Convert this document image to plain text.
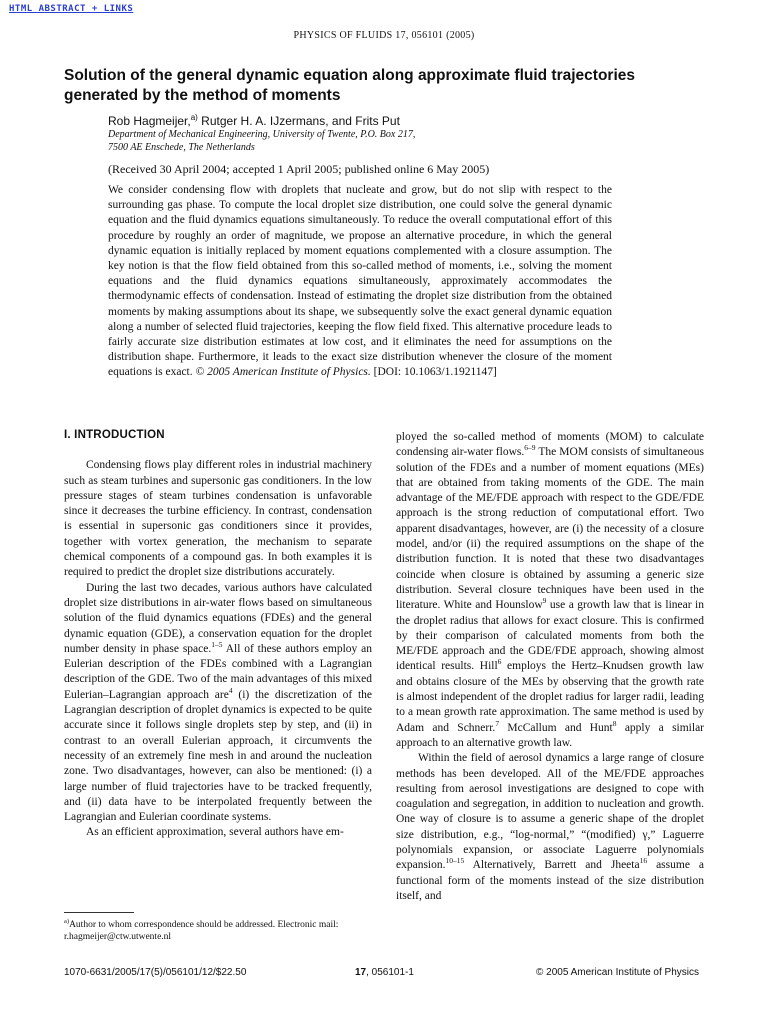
HTML ABSTRACT + LINKS
PHYSICS OF FLUIDS 17, 056101 (2005)
Solution of the general dynamic equation along approximate fluid trajectories generated by the method of moments
Rob Hagmeijer,$^{a)}$ Rutger H. A. IJzermans, and Frits Put
Department of Mechanical Engineering, University of Twente, P.O. Box 217,
7500 AE Enschede, The Netherlands
(Received 30 April 2004; accepted 1 April 2005; published online 6 May 2005)
We consider condensing flow with droplets that nucleate and grow, but do not slip with respect to the surrounding gas phase. To compute the local droplet size distribution, one could solve the general dynamic equation and the fluid dynamics equations simultaneously. To reduce the overall computational effort of this procedure by roughly an order of magnitude, we propose an alternative procedure, in which the general dynamic equation is initially replaced by moment equations complemented with a closure assumption. The key notion is that the flow field obtained from this so-called method of moments, i.e., solving the moment equations and the fluid dynamics equations simultaneously, approximately accommodates the thermodynamic effects of condensation. Instead of estimating the droplet size distribution from the obtained moments by making assumptions about its shape, we subsequently solve the exact general dynamic equation along a number of selected fluid trajectories, keeping the flow field fixed. This alternative procedure leads to fairly accurate size distribution estimates at low cost, and it eliminates the need for assumptions on the distribution shape. Furthermore, it leads to the exact size distribution whenever the closure of the moment equations is exact. © 2005 American Institute of Physics. [DOI: 10.1063/1.1921147]
I. INTRODUCTION

Condensing flows play different roles in industrial machinery such as steam turbines and supersonic gas conditioners. In the low pressure stages of steam turbines condensation is unfavorable since it decreases the turbine efficiency. In contrast, condensation is essential in supersonic gas conditioners since it provides, together with vortex generation, the mechanism to separate chemical components of a compound gas. In both examples it is required to predict the droplet size distributions accurately.

During the last two decades, various authors have calculated droplet size distributions in air-water flows based on simultaneous solution of the fluid dynamics equations (FDEs) and the general dynamic equation (GDE), a conservation equation for the droplet number density in phase space.$^{1-5}$ All of these authors employ an Eulerian description of the FDEs combined with a Lagrangian description of the GDE. Two of the main advantages of this mixed Eulerian–Lagrangian approach are$^4$ (i) the discretization of the Lagrangian description of droplet dynamics is expected to be quite accurate since it follows single droplets step by step, and (ii) in contrast to an overall Eulerian approach, it circumvents the necessity of an extremely fine mesh in and around the nucleation zone. Two disadvantages, however, can also be mentioned: (i) a large number of fluid trajectories have to be tracked frequently, and (ii) data have to be interpolated frequently between the Lagrangian and Eulerian coordinate systems.

As an efficient approximation, several authors have em-

ployed the so-called method of moments (MOM) to calculate condensing air-water flows.$^{6-9}$ The MOM consists of simultaneous solution of the FDEs and a number of moment equations (MEs) that are obtained from taking moments of the GDE. The main advantage of the ME/FDE approach with respect to the GDE/FDE approach is the strong reduction of computational effort. Two apparent disadvantages, however, are (i) the necessity of a closure model, and/or (ii) the required assumptions on the shape of the distribution function. It is noted that these two disadvantages coincide when closure is obtained by assuming a generic size distribution. Several closure techniques have been used in the literature. White and Hounslow$^9$ use a growth law that is linear in the droplet radius that allows for exact closure. This is confirmed by their comparison of calculated moments from both the ME/FDE approach and the GDE/FDE approach, showing almost identical results. Hill$^6$ employs the Hertz–Knudsen growth law and obtains closure of the MEs by observing that the growth rate is almost independent of the droplet radius for larger radii, leading to a mean growth rate approximation. The same method is used by Adam and Schnerr.$^7$ McCallum and Hunt$^8$ apply a similar approach to an alternative growth law.

Within the field of aerosol dynamics a large range of closure methods has been developed. All of the ME/FDE approaches resulting from aerosol investigations are designed to cope with coagulation and segregation, in addition to nucleation and growth. One way of closure is to assume a generic shape of the droplet size distribution, e.g., “log-normal,” “(modified) γ,” Laguerre polynomials expansion, or associate Laguerre polynomials expansion.$^{10-15}$ Alternatively, Barrett and Jheeta$^{16}$ assume a functional form of the moments instead of the size distribution itself, and

$^{a)}$Author to whom correspondence should be addressed. Electronic mail: r.hagmeijer@ctw.utwente.nl
1070-6631/2005/17(5)/056101/12/$22.50	17, 056101-1	© 2005 American Institute of Physics
